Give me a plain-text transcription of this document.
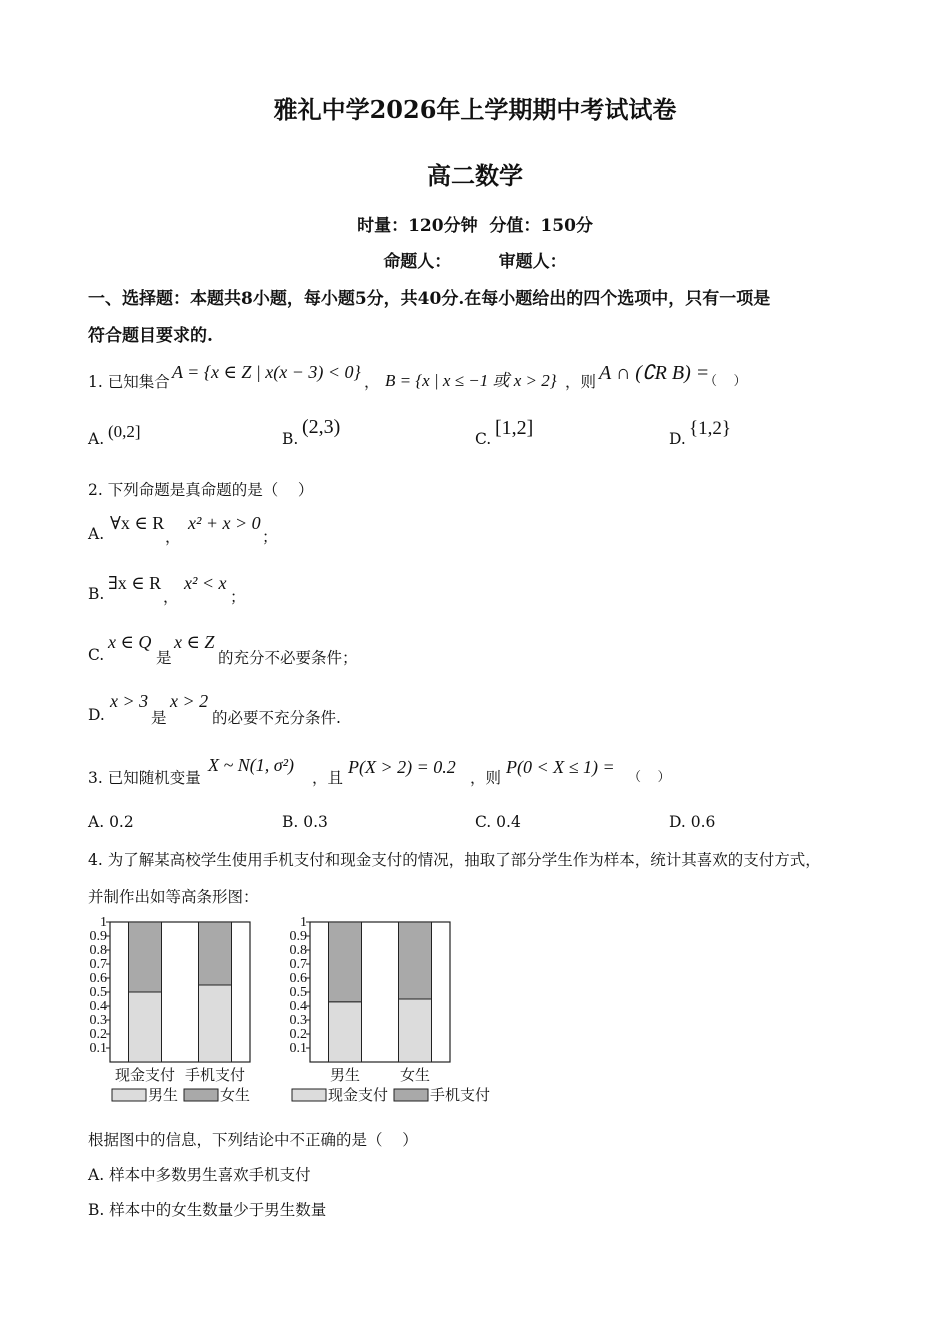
雅礼中学2026年上学期期中考试试卷
高二数学
时量：120分钟  分值：150分
命题人：        审题人：
一、选择题：本题共8小题，每小题5分，共40分.在每小题给出的四个选项中，只有一项是
符合题目要求的.
1. 已知集合 A = {x ∈ Z | x(x − 3) < 0} ， B = {x | x ≤ −1 或 x > 2} ，则 A ∩ (∁R B) =
（    ）
A. (0,2]	B.
(2,3)
C. [1,2]	D. {1,2}
2. 下列命题是真命题的是（    ）
A.
∀x ∈ R
，
x² + x > 0
；
B.
∃x ∈ R
，
x² < x
；
C.
x ∈ Q
是
x ∈ Z
的充分不必要条件；
D.
x > 3
是
x > 2
的必要不充分条件.
3. 已知随机变量
X ~ N(1, σ²)
，且
P(X > 2) = 0.2
，则
P(0 < X ≤ 1) =
（    ）
A. 0.2	B. 0.3	C. 0.4	D. 0.6
4. 为了解某高校学生使用手机支付和现金支付的情况，抽取了部分学生作为样本，统计其喜欢的支付方式，
并制作出如等高条形图：
0.1
0.2
0.3
0.4
0.5
0.6
0.7
0.8
0.9
1
现金支付 手机支付
男生	女生
0.1
0.2
0.3
0.4
0.5
0.6
0.7
0.8
0.9
1
男生	女生
现金支付	手机支付
根据图中的信息，下列结论中不正确的是（    ）
A. 样本中多数男生喜欢手机支付
B. 样本中的女生数量少于男生数量
